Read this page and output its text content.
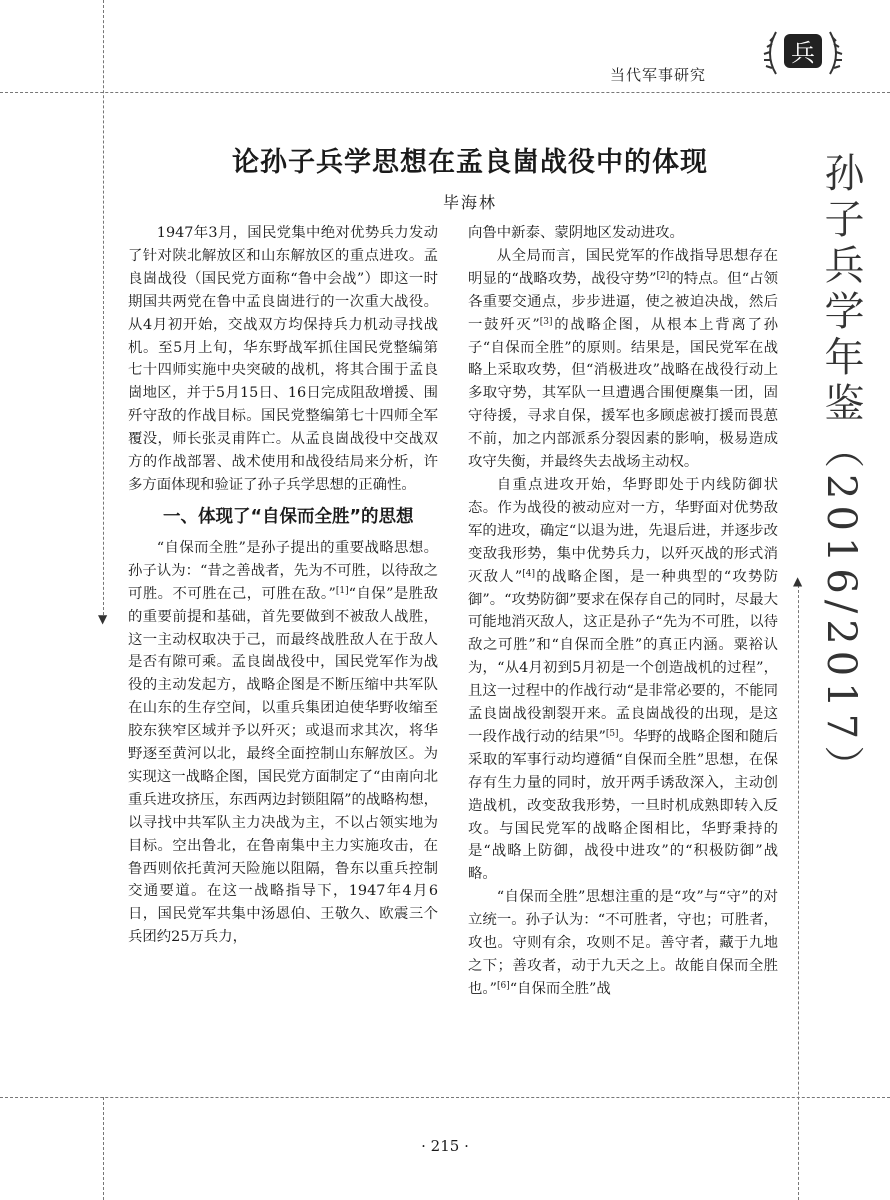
▼
▲
当代军事研究
兵
论孙子兵学思想在孟良崮战役中的体现
毕海林	孙子兵学年鉴（2016/2017）

1947年3月，国民党集中绝对优势兵力发动了针对陕北解放区和山东解放区的重点进攻。孟良崮战役（国民党方面称“鲁中会战”）即这一时期国共两党在鲁中孟良崮进行的一次重大战役。从4月初开始，交战双方均保持兵力机动寻找战机。至5月上旬，华东野战军抓住国民党整编第七十四师实施中央突破的战机，将其合围于孟良崮地区，并于5月15日、16日完成阻敌增援、围歼守敌的作战目标。国民党整编第七十四师全军覆没，师长张灵甫阵亡。从孟良崮战役中交战双方的作战部署、战术使用和战役结局来分析，许多方面体现和验证了孙子兵学思想的正确性。

一、体现了“自保而全胜”的思想

“自保而全胜”是孙子提出的重要战略思想。孙子认为：“昔之善战者，先为不可胜，以待敌之可胜。不可胜在己，可胜在敌。”[1]“自保”是胜敌的重要前提和基础，首先要做到不被敌人战胜，这一主动权取决于己，而最终战胜敌人在于敌人是否有隙可乘。孟良崮战役中，国民党军作为战役的主动发起方，战略企图是不断压缩中共军队在山东的生存空间，以重兵集团迫使华野收缩至胶东狭窄区域并予以歼灭；或退而求其次，将华野逐至黄河以北，最终全面控制山东解放区。为实现这一战略企图，国民党方面制定了“由南向北重兵进攻挤压，东西两边封锁阻隔”的战略构想，以寻找中共军队主力决战为主，不以占领实地为目标。空出鲁北，在鲁南集中主力实施攻击，在鲁西则依托黄河天险施以阻隔，鲁东以重兵控制交通要道。在这一战略指导下，1947年4月6日，国民党军共集中汤恩伯、王敬久、欧震三个兵团约25万兵力，

向鲁中新泰、蒙阴地区发动进攻。

从全局而言，国民党军的作战指导思想存在明显的“战略攻势，战役守势”[2]的特点。但“占领各重要交通点，步步进逼，使之被迫决战，然后一鼓歼灭”[3]的战略企图，从根本上背离了孙子“自保而全胜”的原则。结果是，国民党军在战略上采取攻势，但“消极进攻”战略在战役行动上多取守势，其军队一旦遭遇合围便麇集一团，固守待援，寻求自保，援军也多顾虑被打援而畏葸不前，加之内部派系分裂因素的影响，极易造成攻守失衡，并最终失去战场主动权。

自重点进攻开始，华野即处于内线防御状态。作为战役的被动应对一方，华野面对优势敌军的进攻，确定“以退为进，先退后进，并逐步改变敌我形势，集中优势兵力，以歼灭战的形式消灭敌人”[4]的战略企图，是一种典型的“攻势防御”。“攻势防御”要求在保存自己的同时，尽最大可能地消灭敌人，这正是孙子“先为不可胜，以待敌之可胜”和“自保而全胜”的真正内涵。粟裕认为，“从4月初到5月初是一个创造战机的过程”，且这一过程中的作战行动“是非常必要的，不能同孟良崮战役割裂开来。孟良崮战役的出现，是这一段作战行动的结果”[5]。华野的战略企图和随后采取的军事行动均遵循“自保而全胜”思想，在保存有生力量的同时，放开两手诱敌深入，主动创造战机，改变敌我形势，一旦时机成熟即转入反攻。与国民党军的战略企图相比，华野秉持的是“战略上防御，战役中进攻”的“积极防御”战略。

“自保而全胜”思想注重的是“攻”与“守”的对立统一。孙子认为：“不可胜者，守也；可胜者，攻也。守则有余，攻则不足。善守者，藏于九地之下；善攻者，动于九天之上。故能自保而全胜也。”[6]“自保而全胜”战

· 215 ·
